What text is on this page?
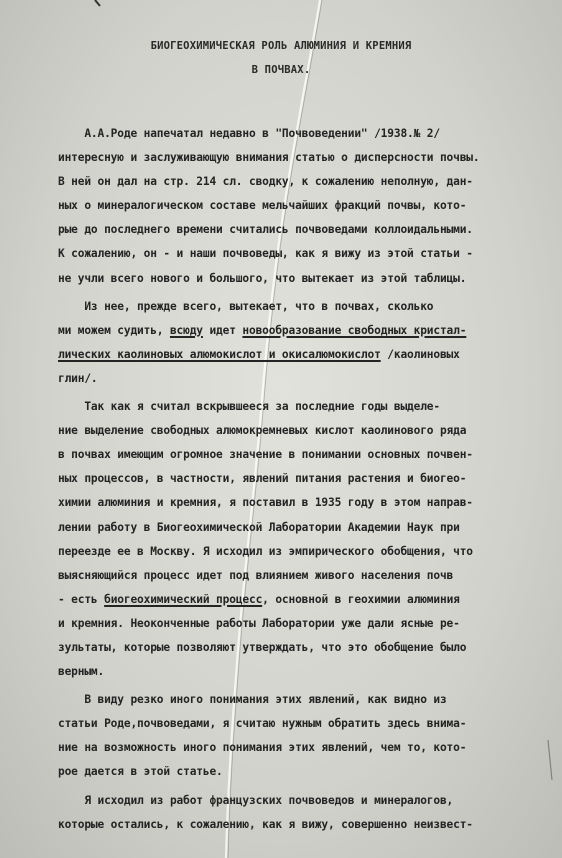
БИОГЕОХИМИЧЕСКАЯ РОЛЬ АЛЮМИНИЯ И КРЕМНИЯ
В ПОЧВАХ.
А.А.Роде напечатал недавно в "Почвоведении" /1938.№ 2/
интересную и заслуживающую внимания статью о дисперсности почвы.
В ней он дал на стр. 214 сл. сводку, к сожалению неполную, дан-
ных о минералогическом составе мельчайших фракций почвы, кото-
рые до последнего времени считались почвоведами коллоидальными.
К сожалению, он - и наши почвоведы, как я вижу из этой статьи -
не учли всего нового и большого, что вытекает из этой таблицы.
Из нее, прежде всего, вытекает, что в почвах, сколько
ми можем судить, всюду идет новообразование свободных кристал-
лических каолиновых алюмокислот и окисалюмокислот /каолиновых
глин/.
Так как я считал вскрывшееся за последние годы выделе-
ние выделение свободных алюмокремневых кислот каолинового ряда
в почвах имеющим огромное значение в понимании основных почвен-
ных процессов, в частности, явлений питания растения и биогео-
химии алюминия и кремния, я поставил в 1935 году в этом направ-
лении работу в Биогеохимической Лаборатории Академии Наук при
переезде ее в Москву. Я исходил из эмпирического обобщения, что
выясняющийся процесс идет под влиянием живого населения почв
- есть биогеохимический процесс, основной в геохимии алюминия
и кремния. Неоконченные работы Лаборатории уже дали ясные ре-
зультаты, которые позволяют утверждать, что это обобщение было
верным.
В виду резко иного понимания этих явлений, как видно из
статьи Роде,почвоведами, я считаю нужным обратить здесь внима-
ние на возможность иного понимания этих явлений, чем то, кото-
рое дается в этой статье.
Я исходил из работ французских почвоведов и минералогов,
которые остались, к сожалению, как я вижу, совершенно неизвест-
